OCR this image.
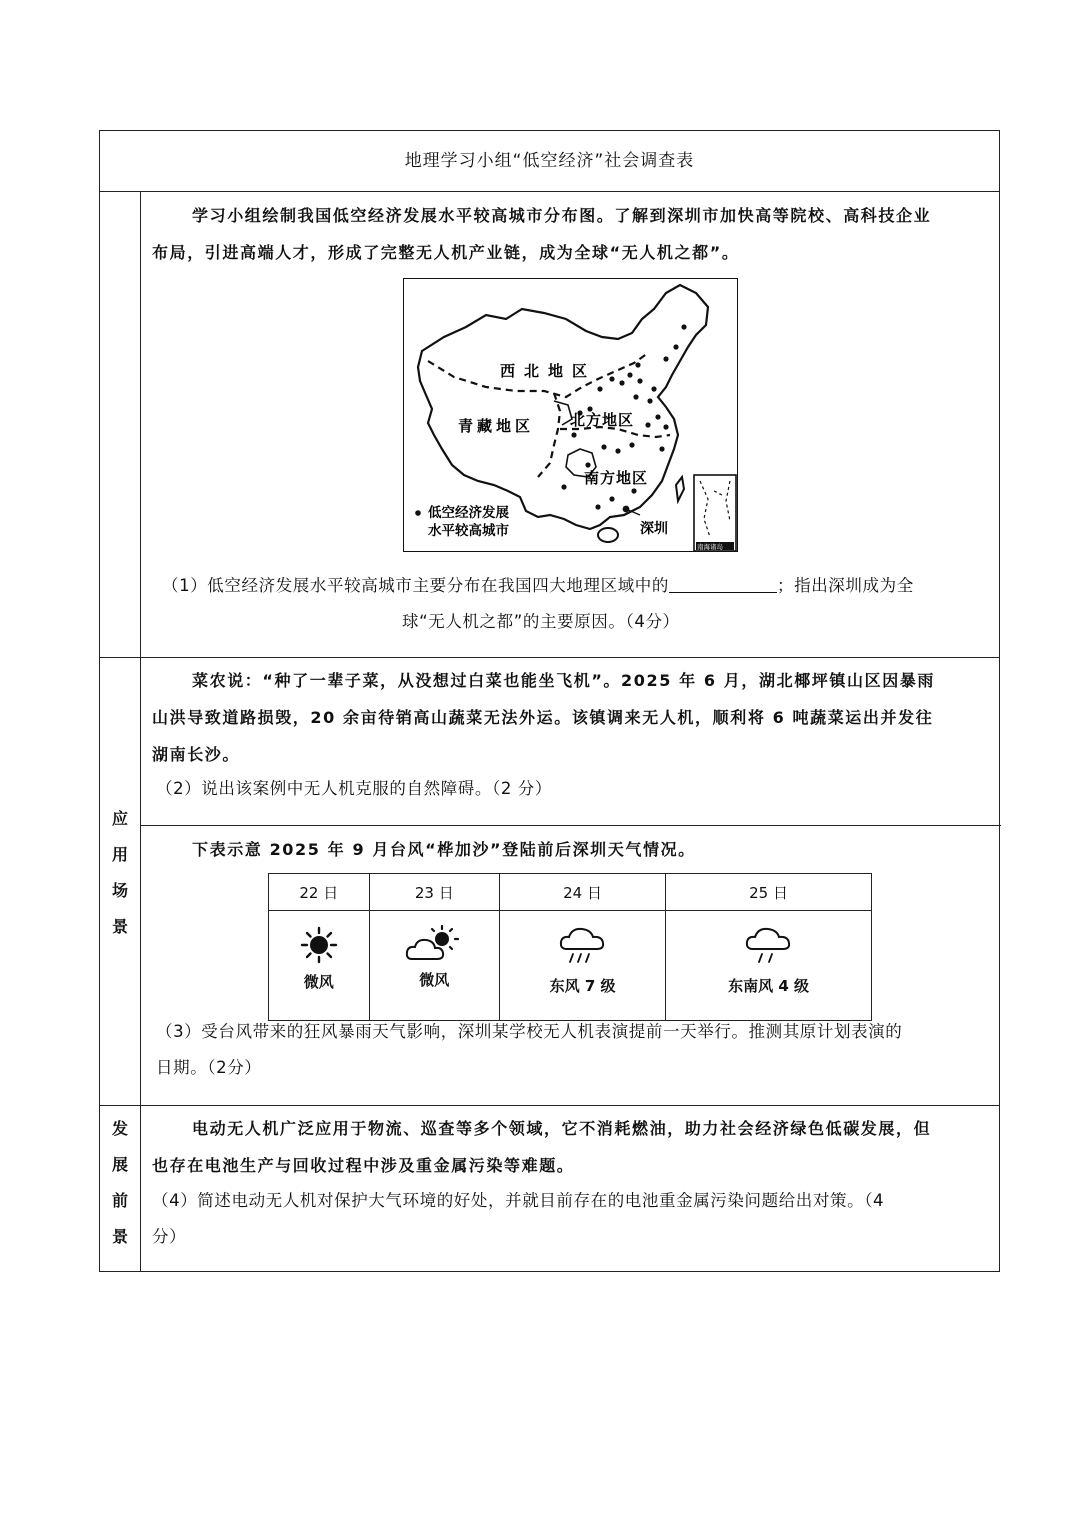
地理学习小组“低空经济”社会调查表
学习小组绘制我国低空经济发展水平较高城市分布图。了解到深圳市加快高等院校、高科技企业
布局，引进高端人才，形成了完整无人机产业链，成为全球“无人机之都”。
西北地区
北方地区
青藏地区
南方地区
深圳
低空经济发展
水平较高城市
南海诸岛
（1）低空经济发展水平较高城市主要分布在我国四大地理区域中的	；指出深圳成为全
球“无人机之都”的主要原因。（4分）
应
用
场
景
菜农说：“种了一辈子菜，从没想过白菜也能坐飞机”。2025 年 6 月，湖北椰坪镇山区因暴雨
山洪导致道路损毁，20 余亩待销高山蔬菜无法外运。该镇调来无人机，顺利将 6 吨蔬菜运出并发往
湖南长沙。
（2）说出该案例中无人机克服的自然障碍。（2 分）
下表示意 2025 年 9 月台风“桦加沙”登陆前后深圳天气情况。
22 日	23 日	24 日	25 日

微风	微风	东风 7 级	东南风 4 级
（3）受台风带来的狂风暴雨天气影响，深圳某学校无人机表演提前一天举行。推测其原计划表演的
日期。（2分）
发
展
前
景
电动无人机广泛应用于物流、巡查等多个领域，它不消耗燃油，助力社会经济绿色低碳发展，但
也存在电池生产与回收过程中涉及重金属污染等难题。
（4）简述电动无人机对保护大气环境的好处，并就目前存在的电池重金属污染问题给出对策。（4
分）
